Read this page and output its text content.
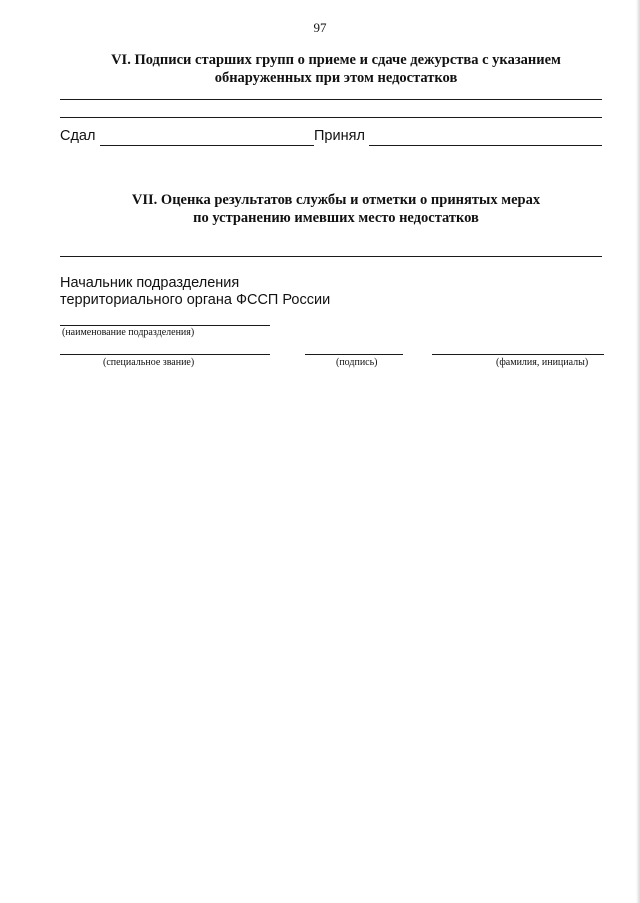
97
VI. Подписи старших групп о приеме и сдаче дежурства с указанием
обнаруженных при этом недостатков
Сдал	Принял
VII. Оценка результатов службы и отметки о принятых мерах
по устранению имевших место недостатков
Начальник подразделения
территориального органа ФССП России
(наименование подразделения)
(специальное звание)	(подпись)	(фамилия, инициалы)
